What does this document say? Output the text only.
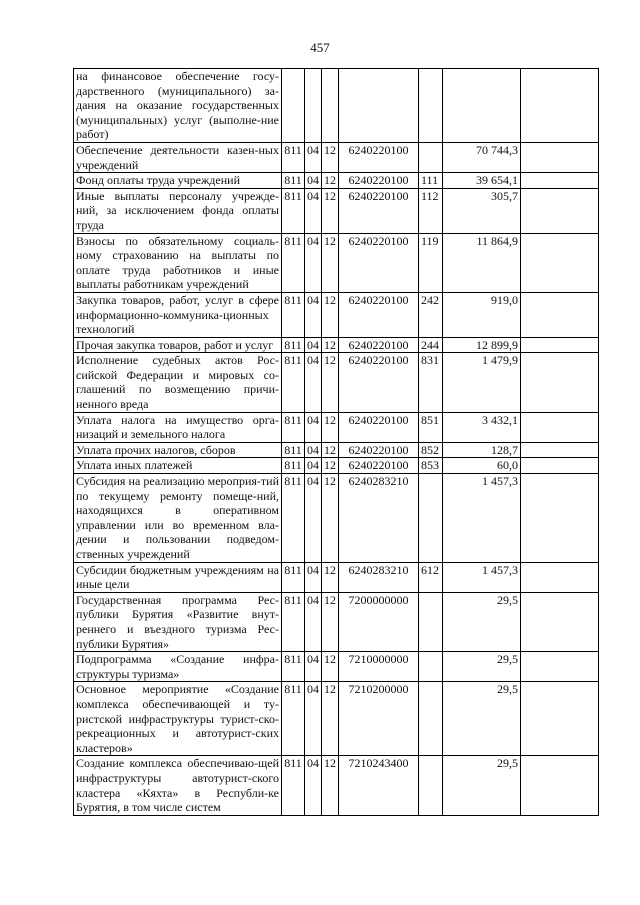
457
на финансовое обеспечение госу-дарственного (муниципального) за-дания на оказание государственных (муниципальных) услуг (выполне-ние работ)							
Обеспечение деятельности казен-ных учреждений	811	04	12	6240220100		70 744,3	
Фонд оплаты труда учреждений	811	04	12	6240220100	111	39 654,1	
Иные выплаты персоналу учрежде-ний, за исключением фонда оплаты труда	811	04	12	6240220100	112	305,7	
Взносы по обязательному социаль-ному страхованию на выплаты по оплате труда работников и иные выплаты работникам учреждений	811	04	12	6240220100	119	11 864,9	
Закупка товаров, работ, услуг в сфере информационно-коммуника-ционных технологий	811	04	12	6240220100	242	919,0	
Прочая закупка товаров, работ и услуг	811	04	12	6240220100	244	12 899,9	
Исполнение судебных актов Рос-сийской Федерации и мировых со-глашений по возмещению причи-ненного вреда	811	04	12	6240220100	831	1 479,9	
Уплата налога на имущество орга-низаций и земельного налога	811	04	12	6240220100	851	3 432,1	
Уплата прочих налогов, сборов	811	04	12	6240220100	852	128,7	
Уплата иных платежей	811	04	12	6240220100	853	60,0	
Субсидия на реализацию мероприя-тий по текущему ремонту помеще-ний, находящихся в оперативном управлении или во временном вла-дении и пользовании подведом-ственных учреждений	811	04	12	6240283210		1 457,3	
Субсидии бюджетным учреждениям на иные цели	811	04	12	6240283210	612	1 457,3	
Государственная программа Рес-публики Бурятия «Развитие внут-реннего и въездного туризма Рес-публики Бурятия»	811	04	12	7200000000		29,5	
Подпрограмма «Создание инфра-структуры туризма»	811	04	12	7210000000		29,5	
Основное мероприятие «Создание комплекса обеспечивающей и ту-ристской инфраструктуры турист-ско-рекреационных и автотурист-ских кластеров»	811	04	12	7210200000		29,5	
Создание комплекса обеспечиваю-щей инфраструктуры автотурист-ского кластера «Кяхта» в Республи-ке Бурятия, в том числе систем	811	04	12	7210243400		29,5	
